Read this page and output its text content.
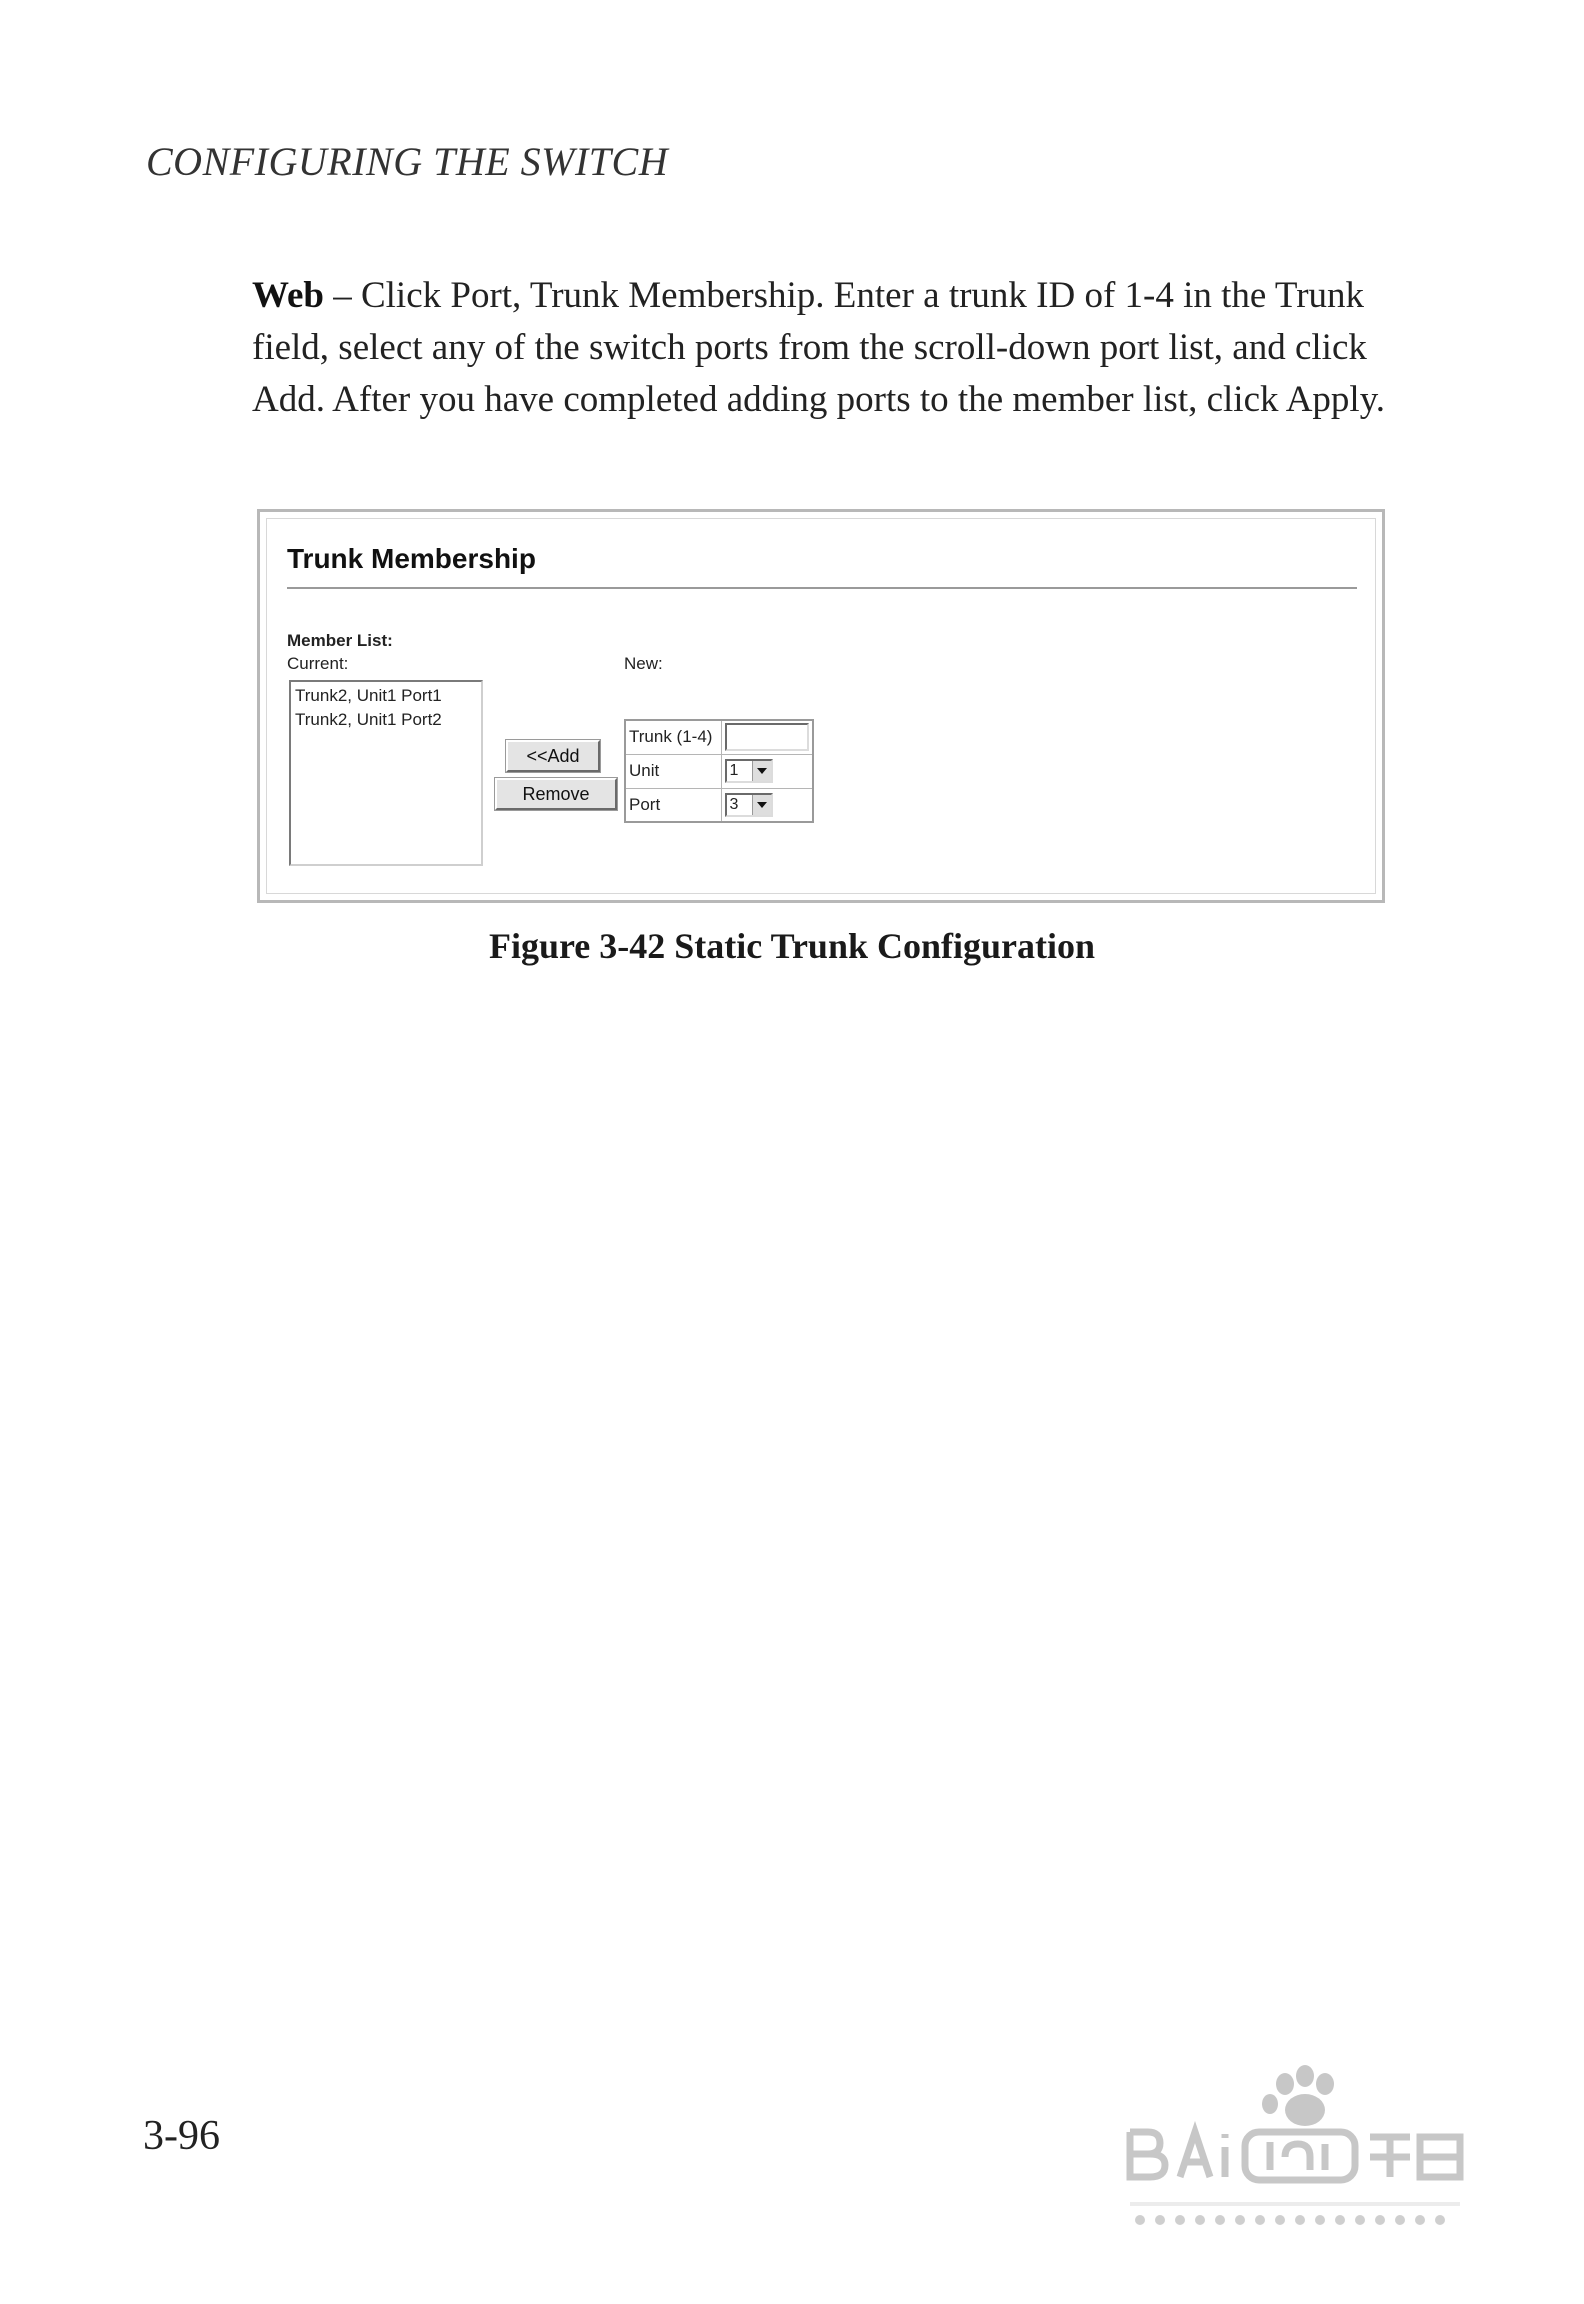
CONFIGURING THE SWITCH
Web – Click Port, Trunk Membership. Enter a trunk ID of 1-4 in the Trunk field, select any of the switch ports from the scroll-down port list, and click Add. After you have completed adding ports to the member list, click Apply.
Trunk Membership
Member List:
Current:	New:
Trunk2, Unit1 Port1
Trunk2, Unit1 Port2
<<Add
Remove
Trunk (1-4)	
Unit	1

Port	3
Figure 3-42 Static Trunk Configuration
3-96
